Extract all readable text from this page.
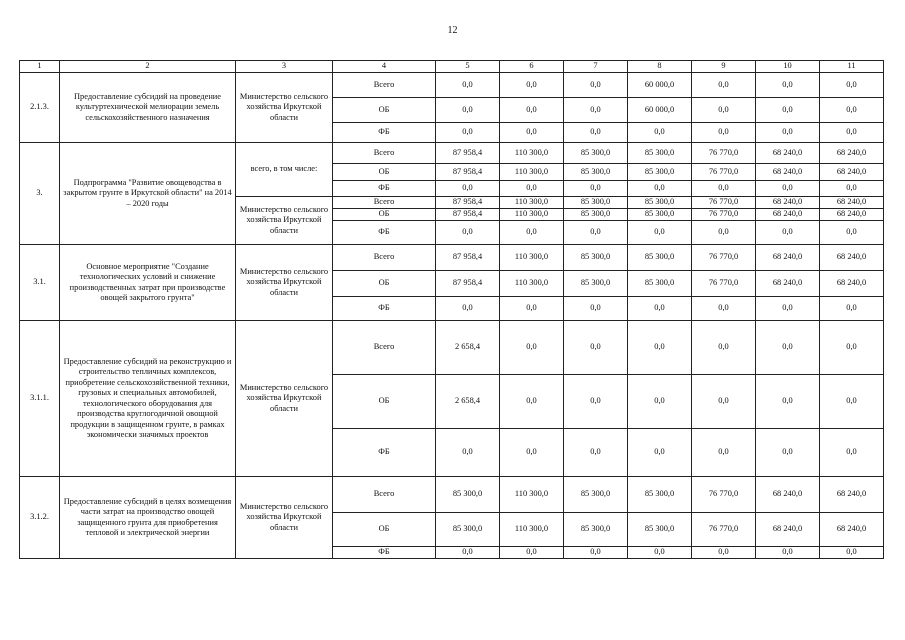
12
1	2	3	4	5	6	7	8	9	10	11
2.1.3.	Предоставление субсидий на проведение культуртехнической мелиорации земель сельскохозяйственного назначения	Министерство сельского хозяйства Иркутской области	Всего	0,0	0,0	0,0	60 000,0	0,0	0,0	0,0
			ОБ	0,0	0,0	0,0	60 000,0	0,0	0,0	0,0
			ФБ	0,0	0,0	0,0	0,0	0,0	0,0	0,0
3.	Подпрограмма "Развитие овощеводства в закрытом грунте в Иркутской области" на 2014 – 2020 годы	всего, в том числе:	Всего	87 958,4	110 300,0	85 300,0	85 300,0	76 770,0	68 240,0	68 240,0
			ОБ	87 958,4	110 300,0	85 300,0	85 300,0	76 770,0	68 240,0	68 240,0
			ФБ	0,0	0,0	0,0	0,0	0,0	0,0	0,0
		Министерство сельского хозяйства Иркутской области	Всего	87 958,4	110 300,0	85 300,0	85 300,0	76 770,0	68 240,0	68 240,0
			ОБ	87 958,4	110 300,0	85 300,0	85 300,0	76 770,0	68 240,0	68 240,0
			ФБ	0,0	0,0	0,0	0,0	0,0	0,0	0,0
3.1.	Основное мероприятие "Создание технологических условий и снижение производственных затрат при производстве овощей закрытого грунта"	Министерство сельского хозяйства Иркутской области	Всего	87 958,4	110 300,0	85 300,0	85 300,0	76 770,0	68 240,0	68 240,0
			ОБ	87 958,4	110 300,0	85 300,0	85 300,0	76 770,0	68 240,0	68 240,0
			ФБ	0,0	0,0	0,0	0,0	0,0	0,0	0,0
3.1.1.	Предоставление субсидий на реконструкцию и строительство тепличных комплексов, приобретение сельскохозяйственной техники, грузовых и специальных автомобилей, технологического оборудования для производства круглогодичной овощной продукции в защищенном грунте, в рамках экономически значимых проектов	Министерство сельского хозяйства Иркутской области	Всего	2 658,4	0,0	0,0	0,0	0,0	0,0	0,0
			ОБ	2 658,4	0,0	0,0	0,0	0,0	0,0	0,0
			ФБ	0,0	0,0	0,0	0,0	0,0	0,0	0,0
3.1.2.	Предоставление субсидий в целях возмещения части затрат на производство овощей защищенного грунта для приобретения тепловой и электрической энергии	Министерство сельского хозяйства Иркутской области	Всего	85 300,0	110 300,0	85 300,0	85 300,0	76 770,0	68 240,0	68 240,0
			ОБ	85 300,0	110 300,0	85 300,0	85 300,0	76 770,0	68 240,0	68 240,0
			ФБ	0,0	0,0	0,0	0,0	0,0	0,0	0,0
